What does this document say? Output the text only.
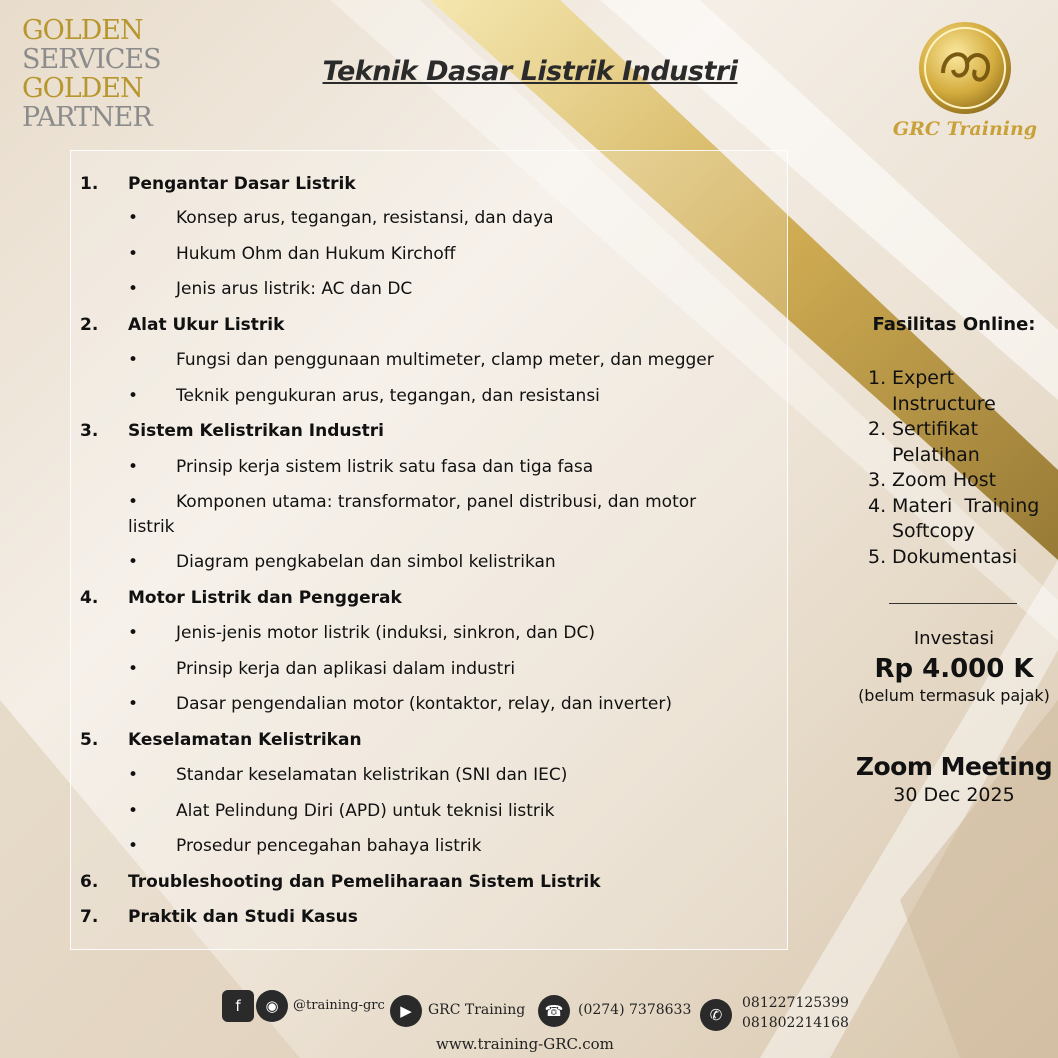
GOLDEN
SERVICES
GOLDEN
PARTNER	GRC Training
Teknik Dasar Listrik Industri
1. Pengantar Dasar Listrik
• Konsep arus, tegangan, resistansi, dan daya
• Hukum Ohm dan Hukum Kirchoff
• Jenis arus listrik: AC dan DC
2. Alat Ukur Listrik
• Fungsi dan penggunaan multimeter, clamp meter, dan megger
• Teknik pengukuran arus, tegangan, dan resistansi
3. Sistem Kelistrikan Industri
• Prinsip kerja sistem listrik satu fasa dan tiga fasa
• Komponen utama: transformator, panel distribusi, dan motor
listrik
• Diagram pengkabelan dan simbol kelistrikan
4. Motor Listrik dan Penggerak
• Jenis-jenis motor listrik (induksi, sinkron, dan DC)
• Prinsip kerja dan aplikasi dalam industri
• Dasar pengendalian motor (kontaktor, relay, dan inverter)
5. Keselamatan Kelistrikan
• Standar keselamatan kelistrikan (SNI dan IEC)
• Alat Pelindung Diri (APD) untuk teknisi listrik
• Prosedur pencegahan bahaya listrik
6. Troubleshooting dan Pemeliharaan Sistem Listrik
7. Praktik dan Studi Kasus
Fasilitas Online:
1. Expert
Instructure
2. Sertifikat
Pelatihan
3. Zoom Host
4. Materi  Training
Softcopy
5. Dokumentasi
Investasi
Rp 4.000 K
(belum termasuk pajak)
Zoom Meeting
30 Dec 2025
f	◉	@training-grc	▶	GRC Training	☎	(0274) 7378633	✆
081227125399
081802214168
www.training-GRC.com
